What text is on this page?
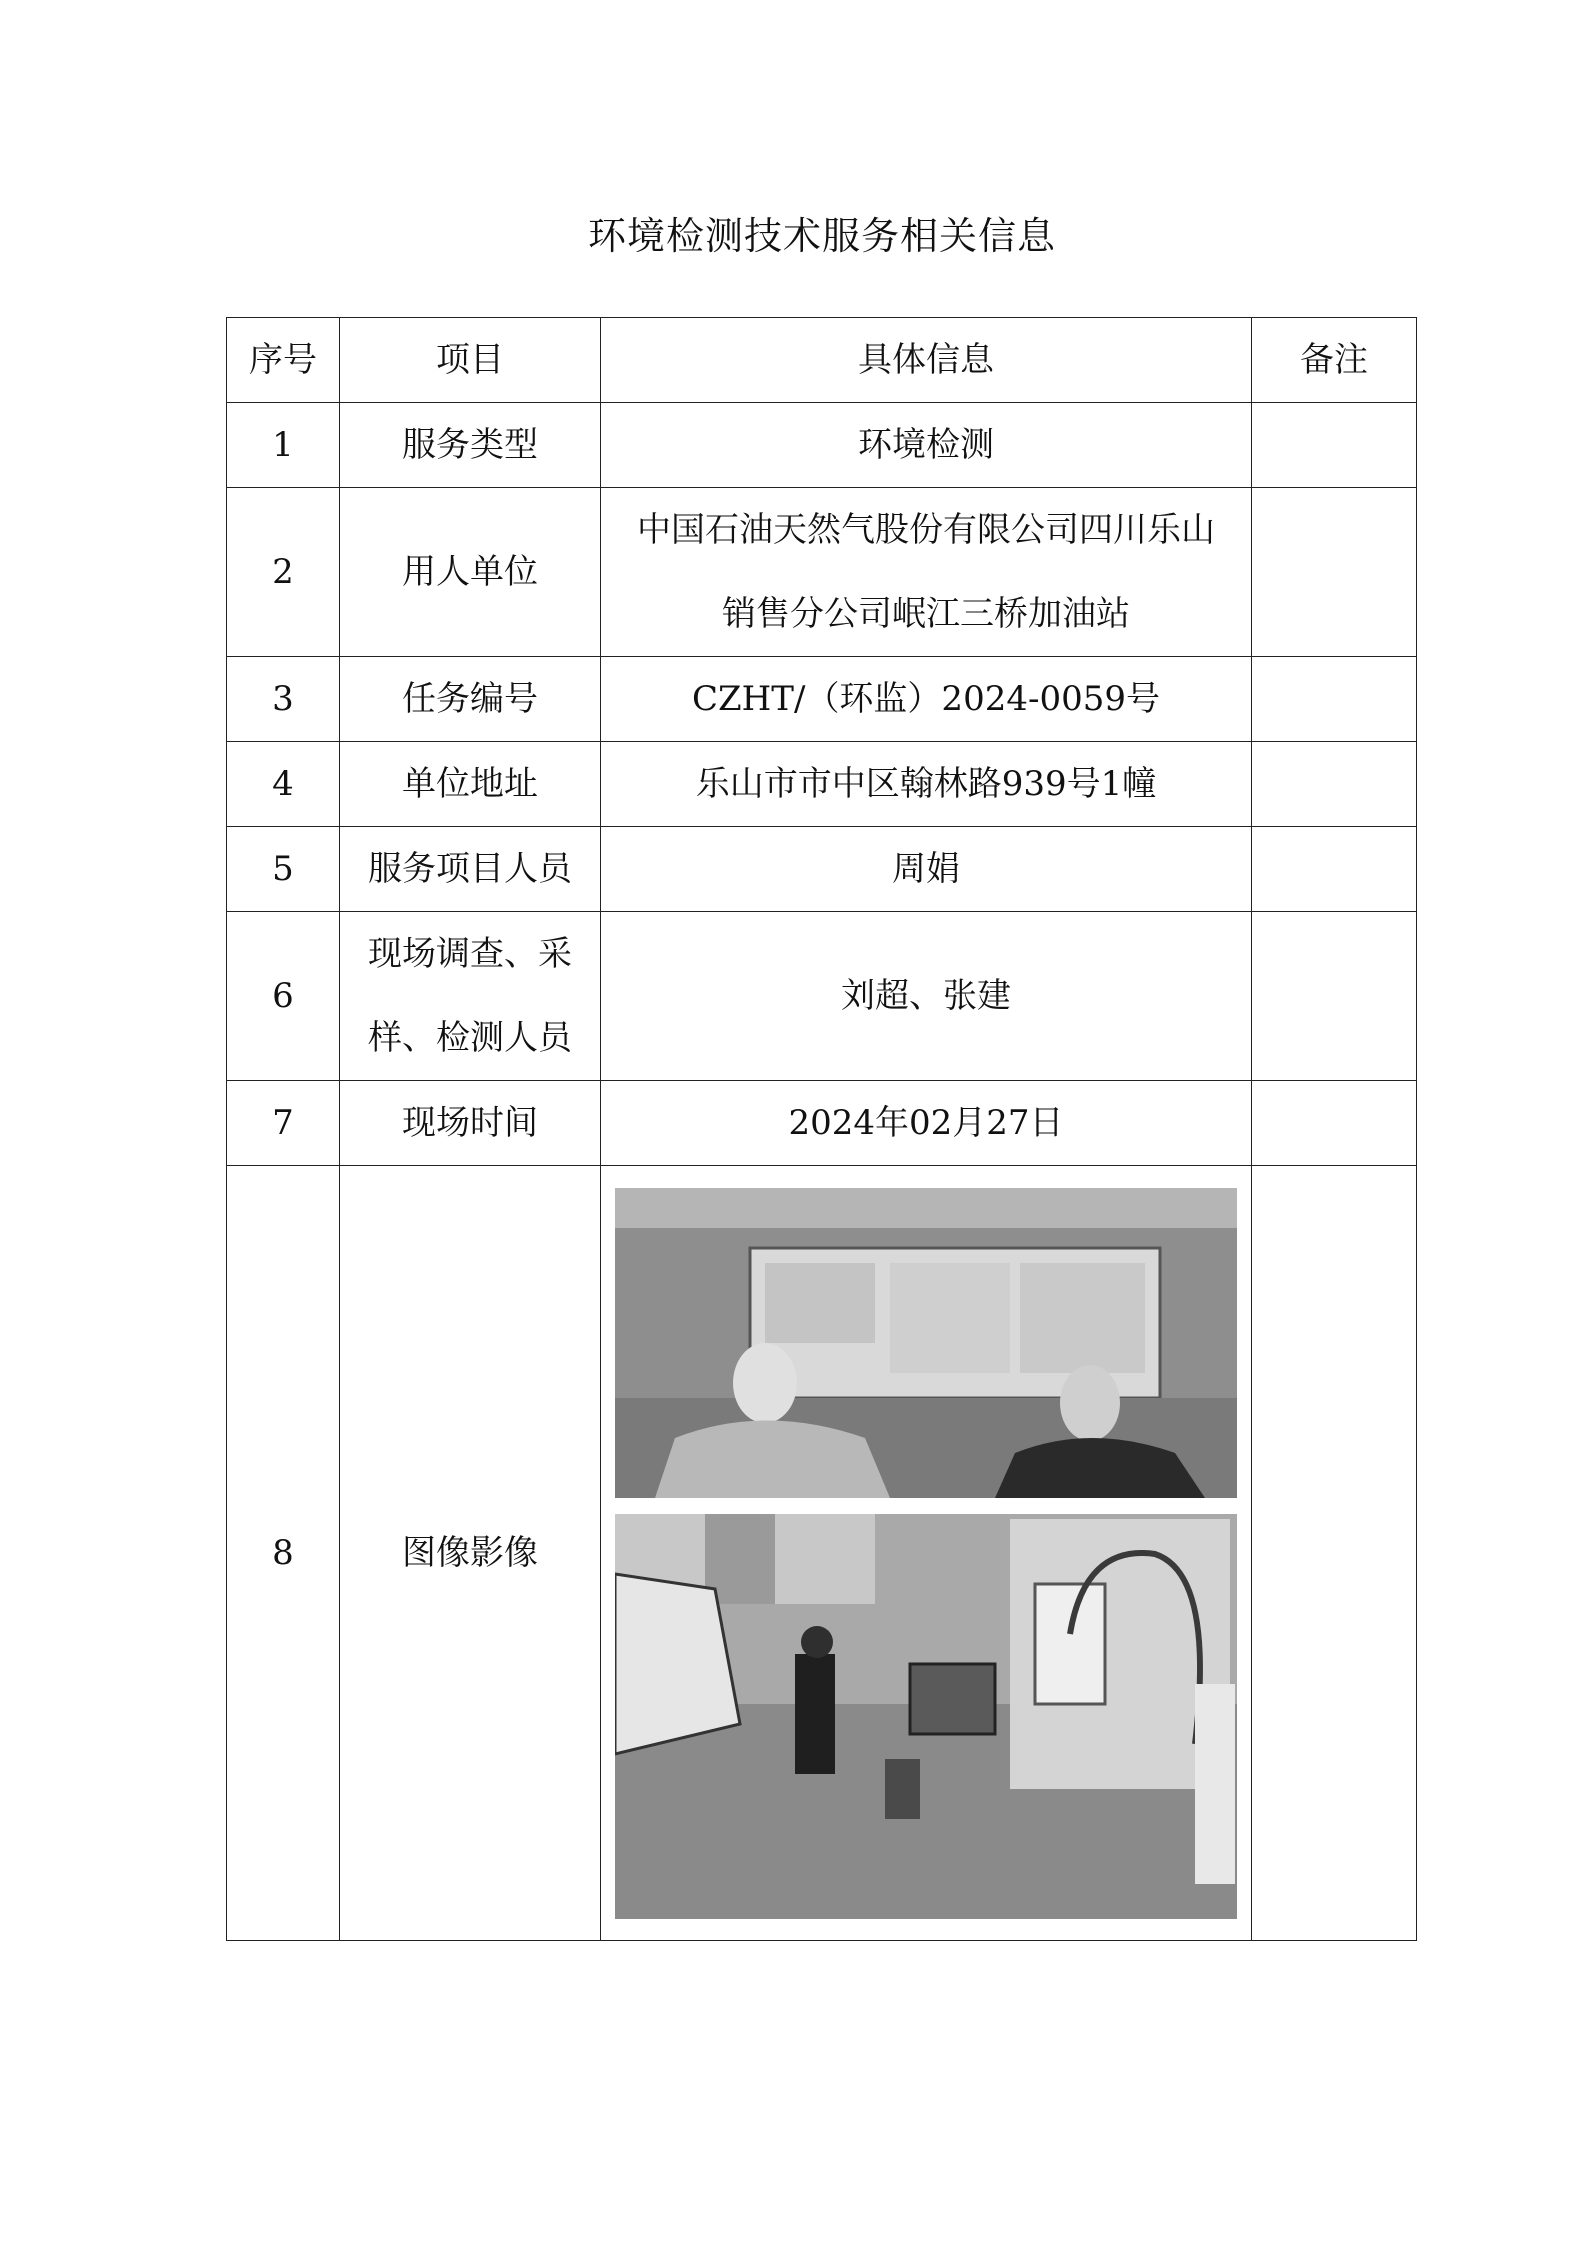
环境检测技术服务相关信息
序号	项目	具体信息	备注
1	服务类型	环境检测	
2	用人单位	中国石油天然气股份有限公司四川乐山销售分公司岷江三桥加油站	
3	任务编号	CZHT/（环监）2024-0059号	
4	单位地址	乐山市市中区翰林路939号1幢	
5	服务项目人员	周娟	
6	现场调查、采样、检测人员	刘超、张建	
7	现场时间	2024年02月27日	
8	图像影像	
